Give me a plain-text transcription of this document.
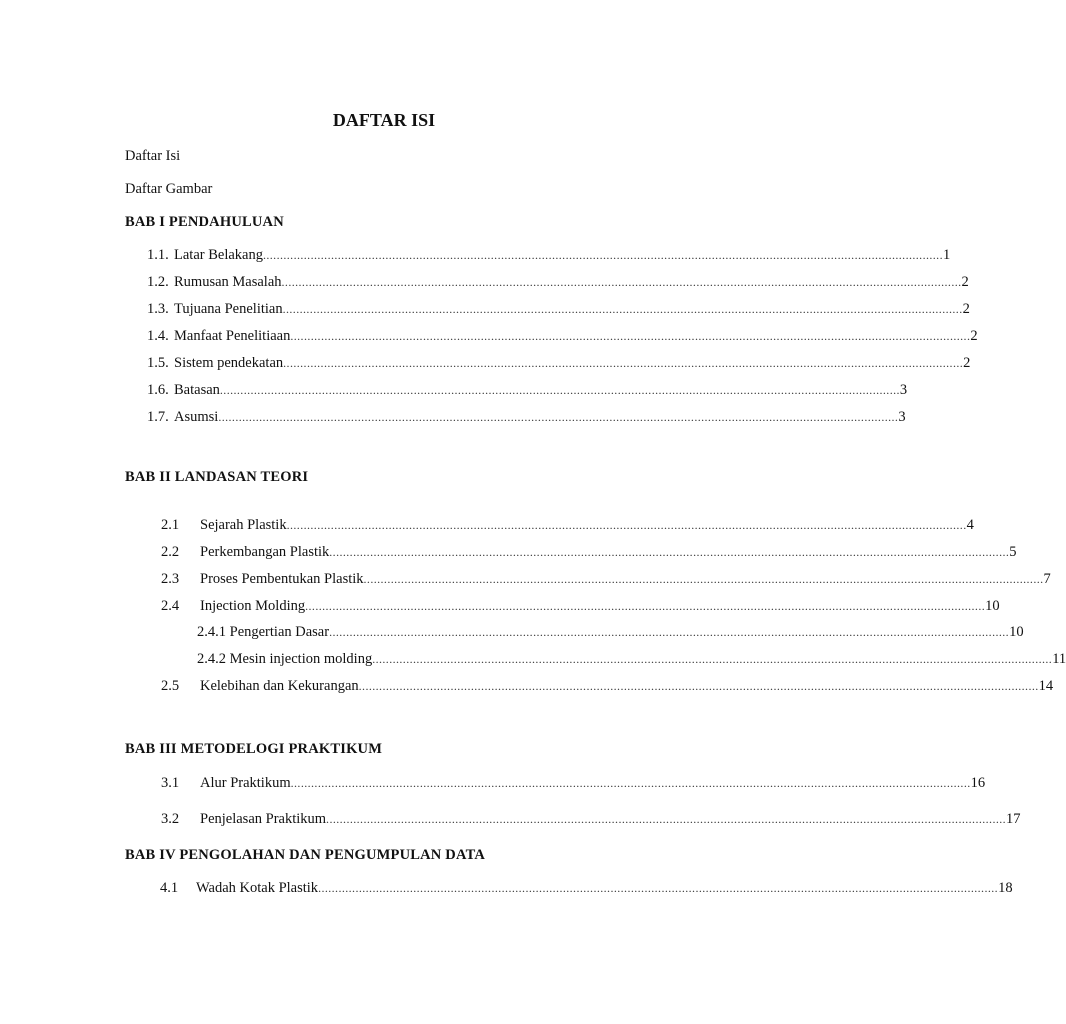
DAFTAR ISI
Daftar Isi
Daftar Gambar
BAB I PENDAHULUAN
1.1. Latar Belakang ........................................................................................................................................................................................................ 1
1.2. Rumusan Masalah ........................................................................................................................................................................................................ 2
1.3. Tujuana Penelitian ........................................................................................................................................................................................................ 2
1.4. Manfaat Penelitiaan ........................................................................................................................................................................................................ 2
1.5. Sistem pendekatan ........................................................................................................................................................................................................ 2
1.6. Batasan ........................................................................................................................................................................................................ 3
1.7. Asumsi ........................................................................................................................................................................................................ 3
2.1 Sejarah Plastik ........................................................................................................................................................................................................ 4
2.2 Perkembangan Plastik ........................................................................................................................................................................................................ 5
2.3 Proses Pembentukan Plastik ........................................................................................................................................................................................................ 7
2.4 Injection Molding ........................................................................................................................................................................................................ 10
2.4.1 Pengertian Dasar ........................................................................................................................................................................................................ 10
2.4.2 Mesin injection molding ........................................................................................................................................................................................................ 11
2.5 Kelebihan dan Kekurangan ........................................................................................................................................................................................................ 14
3.1 Alur Praktikum ........................................................................................................................................................................................................ 16
3.2 Penjelasan Praktikum ........................................................................................................................................................................................................ 17
4.1 Wadah Kotak Plastik ........................................................................................................................................................................................................ 18
BAB II LANDASAN TEORI
BAB III METODELOGI PRAKTIKUM
BAB IV PENGOLAHAN DAN PENGUMPULAN DATA
